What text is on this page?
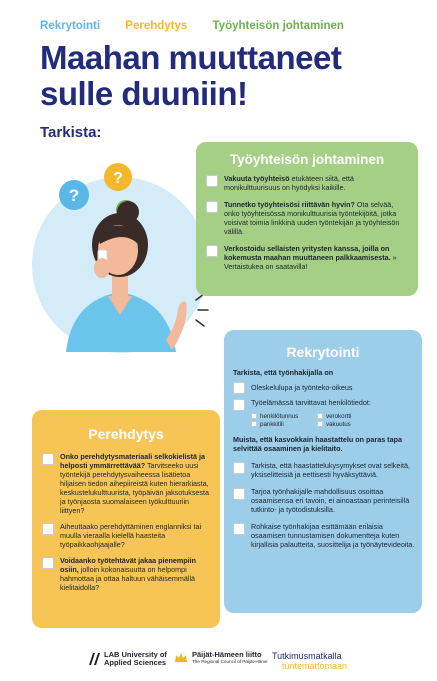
Rekrytointi Perehdytys Työyhteisön johtaminen
Maahan muuttaneet
sulle duuniin!
Tarkista:
?
?
Työyhteisön johtaminen
Vakuuta työyhteisö etukäteen siitä, että monikulttuurisuus on hyödyksi kaikille.
Tunnetko työyhteisösi riittävän hyvin? Ota selvää, onko työyhteisössä monikulttuurisia työntekijöitä, jotka voisivat toimia linkkinä uuden työntekijän ja työyhteisön välillä.
Verkostoidu sellaisten yritysten kanssa, joilla on kokemusta maahan muuttaneen palkkaamisesta. » Vertaistukea on saatavilla!
Rekrytointi
Tarkista, että työnhakijalla on
Oleskelulupa ja työnteko-oikeus
Työelämässä tarvittavat henkilötiedot:
henkilötunnus	verokortti
pankkitili	vakuutus
Muista, että kasvokkain haastattelu on paras tapa selvittää osaaminen ja kielitaito.
Tarkista, että haastattelukysymykset ovat selkeitä, yksiselitteisiä ja eettisesti hyväksyttäviä.
Tarjoa työnhakijalle mahdollisuus osoittaa osaamisensa eri tavoin, ei ainoastaan perinteisillä tutkinto- ja työtodistuksilla.
Rohkaise työnhakijaa esittämään erilaisia osaamisen tunnustamisen dokumentteja kuten kirjallisia palautteita, suosittelija ja työnäytevideoita.
Perehdytys
Onko perehdytysmateriaali selkokielistä ja helposti ymmärrettävää? Tarvitseeko uusi työntekijä perehdytysvaiheessa lisätietoa hiljaisen tiedon aihepiireistä kuten hierarkiasta, keskustelukulttuurista, työpäivän jaksotuksesta ja työnjaosta suomalaiseen työkulttuuriin liittyen?
Aiheuttaako perehdyttäminen englanniksi tai muulla vieraalla kielellä haasteita työpaikkaohjaajalle?
Voidaanko työtehtävät jakaa pienempiin osiin, jolloin kokonaisuutta on helpompi hahmottaa ja ottaa haltuun vähäisemmällä kielitaidolla?
LAB University of
Applied Sciences
Päijät-Hämeen liitto
The Regional Council of Päijät-Häme
Tutkimusmatkalla
tuntemattomaan
